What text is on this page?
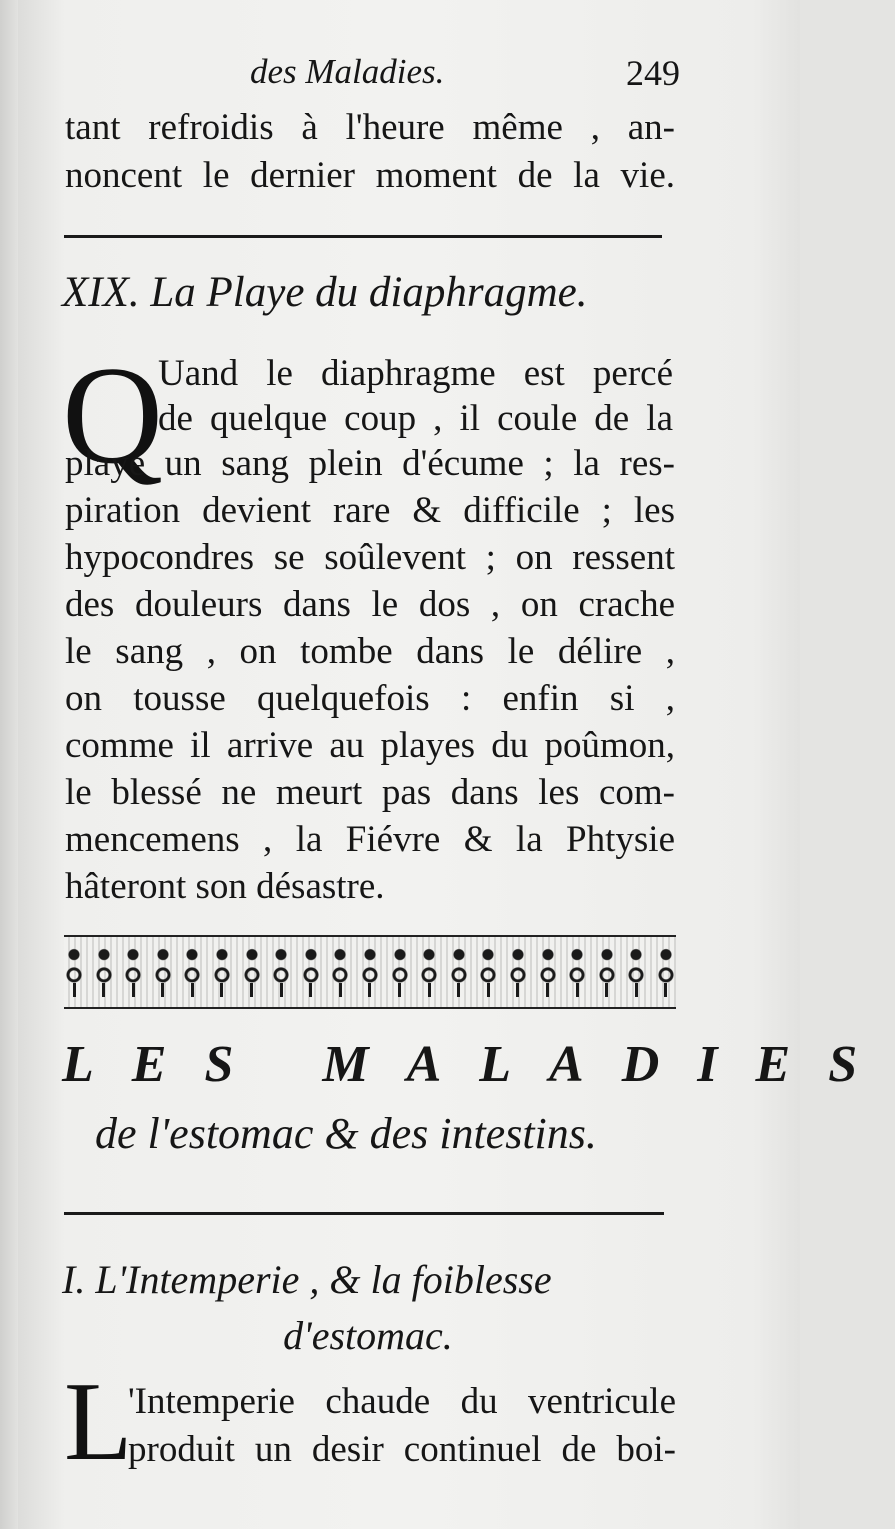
des Maladies.	249
tant refroidis à l'heure même , an-
noncent le dernier moment de la vie.
XIX. La Playe du diaphragme.
Q
Uand le diaphragme est percé
de quelque coup , il coule de la
playe un sang plein d'écume ; la res-
piration devient rare & difficile ; les
hypocondres se soûlevent ; on ressent
des douleurs dans le dos , on crache
le sang , on tombe dans le délire ,
on tousse quelquefois : enfin si ,
comme il arrive au playes du poûmon,
le blessé ne meurt pas dans les com-
mencemens , la Fiévre & la Phtysie
hâteront son désastre.
LES MALADIES
de l'estomac & des intestins.
I. L'Intemperie , & la foiblesse
d'estomac.
L
'Intemperie chaude du ventricule
produit un desir continuel de boi-
